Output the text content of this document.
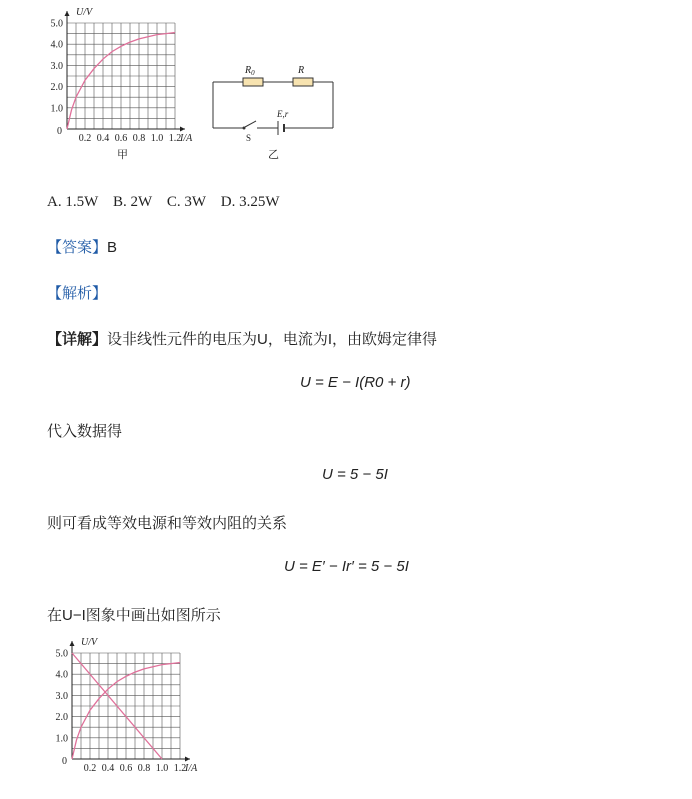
1.0
2.0
3.0
4.0
5.0
0.2 0.4 0.6 0.8 1.0 1.2
U/V
I/A
0
甲
$R_0$	R
E,r
S
乙
A. 1.5W　B. 2W　C. 3W　D. 3.25W
【答案】B
【解析】
【详解】设非线性元件的电压为U，电流为I，由欧姆定律得
U = E − I(R0 + r)
代入数据得
U = 5 − 5I
则可看成等效电源和等效内阻的关系
U = E′ − Ir′ = 5 − 5I
在U−I图象中画出如图所示
1.0
2.0
3.0
4.0
5.0
0.2 0.4 0.6 0.8 1.0 1.2
U/V
I/A
0
